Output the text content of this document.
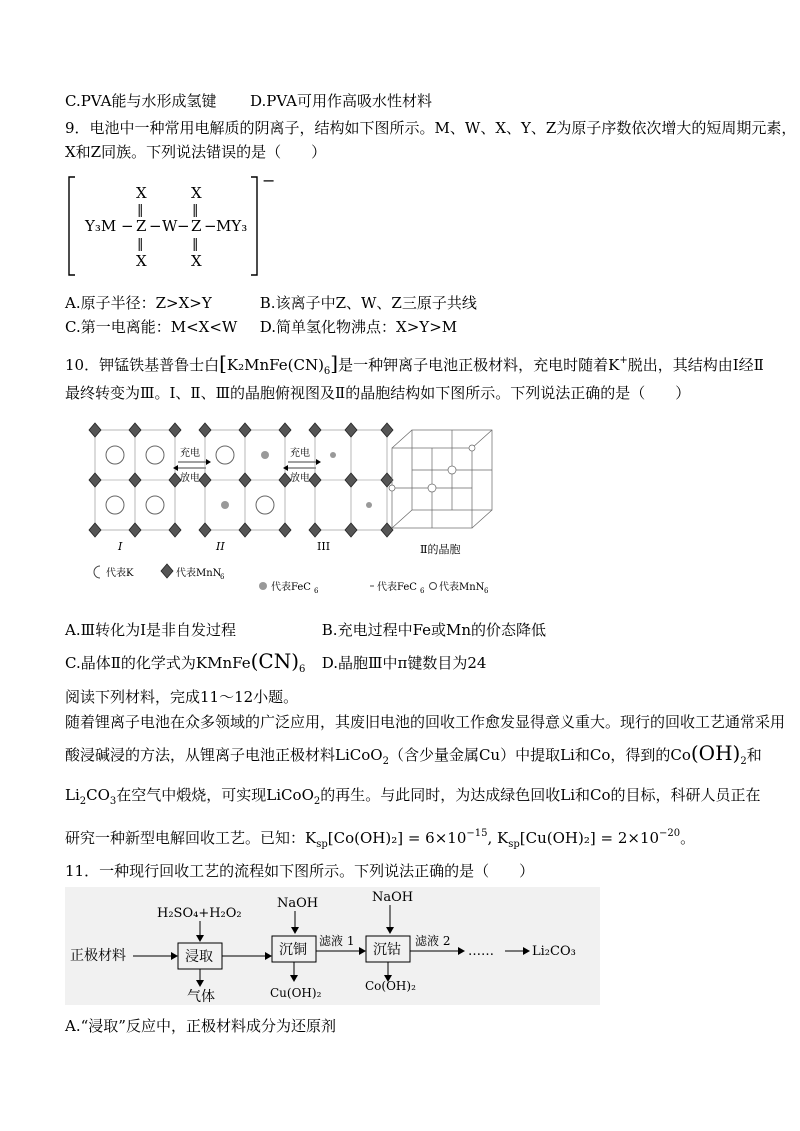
C.PVA能与水形成氢键 D.PVA可用作高吸水性材料
9．电池中一种常用电解质的阴离子，结构如下图所示。M、W、X、Y、Z为原子序数依次增大的短周期元素，
X和Z同族。下列说法错误的是（　　）
−
X	X
‖	‖
Y₃M − Z − W − Z − MY₃
‖	‖
X	X
A.原子半径：Z>X>Y	B.该离子中Z、W、Z三原子共线
C.第一电离能：M<X<W D.简单氢化物沸点：X>Y>M
10．钾锰铁基普鲁士白$[K_2MnFe(CN)_6]$是一种钾离子电池正极材料，充电时随着K+脱出，其结构由Ⅰ经Ⅱ
最终转变为Ⅲ。Ⅰ、Ⅱ、Ⅲ的晶胞俯视图及Ⅱ的晶胞结构如下图所示。下列说法正确的是（　　）
充电
放电
充电
放电
I	II	III	Ⅱ的晶胞
代表K	代表MnN
6
代表FeC 6	代表FeC 6 代表MnN 6
A.Ⅲ转化为Ⅰ是非自发过程	B.充电过程中Fe或Mn的价态降低
C.晶体Ⅱ的化学式为$KMnFe(CN)_6$ D.晶胞Ⅲ中π键数目为24
阅读下列材料，完成11～12小题。
随着锂离子电池在众多领域的广泛应用，其废旧电池的回收工作愈发显得意义重大。现行的回收工艺通常采用
酸浸碱浸的方法，从锂离子电池正极材料LiCoO$_2$（含少量金属Cu）中提取Li和Co，得到的$Co(OH)_2$和
$Li_2CO_3$在空气中煅烧，可实现LiCoO$_2$的再生。与此同时，为达成绿色回收Li和Co的目标，科研人员正在
研究一种新型电解回收工艺。已知：$K_{sp}[Co(OH)_2] = 6\times 10^{-15}$, $K_{sp}[Cu(OH)_2] = 2\times 10^{-20}$。
11．一种现行回收工艺的流程如下图所示。下列说法正确的是（　　）
H₂SO₄+H₂O₂
NaOH	NaOH
正极材料	浸取	沉铜
滤液 1
沉钴
滤液 2
……	Li₂CO₃
气体	Cu(OH)₂	Co(OH)₂
A.“浸取”反应中，正极材料成分为还原剂
